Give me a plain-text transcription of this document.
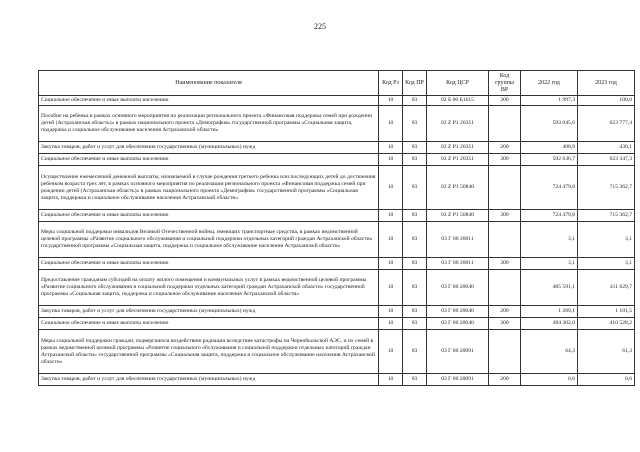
225
Наименование показателя	Код Рз	Код ПР	Код ЦСР	Код группы ВР	2022 год	2023 год
Социальное обеспечение и иные выплаты населению	10	03	02 Б 00 Б1615	300	1 997,3	100,0
Пособие на ребенка в рамках основного мероприятия по реализации регионального проекта «Финансовая поддержка семей при рождении детей (Астраханская область)» в рамках национального проекта «Демография» государственной программы «Социальная защита, поддержка и социальное обслуживание населения Астраханской области»	10	03	03 Z Р1 20351		593 045,6	623 777,4
Закупка товаров, работ и услуг для обеспечения государственных (муниципальных) нужд	10	03	03 Z Р1 20351	200	408,9	430,1
Социальное обеспечение и иные выплаты населению	10	03	03 Z Р1 20351	300	592 636,7	623 347,3
Осуществление ежемесячной денежной выплаты, назначаемой в случае рождения третьего ребенка или последующих детей до достижения ребенком возраста трех лет, в рамках основного мероприятия по реализации регионального проекта «Финансовая поддержка семей при рождении детей (Астраханская область)» в рамках национального проекта «Демография» государственной программы «Социальная защита, поддержка и социальное обслуживание населения Астраханской области»	10	03	03 Z Р1 50840		724 479,8	715 362,7
Социальное обеспечение и иные выплаты населению	10	03	03 Z Р1 50840	300	724 479,8	715 362,7
Меры социальной поддержки инвалидов Великой Отечественной войны, имеющих транспортные средства, в рамках ведомственной целевой программы «Развитие социального обслуживания и социальной поддержки отдельных категорий граждан Астраханской области» государственной программы «Социальная защита, поддержка и социальное обслуживание населения Астраханской области»	10	03	03 Г 00 20011		3,1	3,1
Социальное обеспечение и иные выплаты населению	10	03	03 Г 00 20011	300	3,1	3,1
Предоставление гражданам субсидий на оплату жилого помещения и коммунальных услуг в рамках ведомственной целевой программы «Развитие социального обслуживания и социальной поддержки отдельных категорий граждан Астраханской области» государственной программы «Социальная защита, поддержка и социальное обслуживание населения Астраханской области»	10	03	03 Г 00 20040		485 591,1	411 629,7
Закупка товаров, работ и услуг для обеспечения государственных (муниципальных) нужд	10	03	03 Г 00 20040	200	1 289,1	1 101,5
Социальное обеспечение и иные выплаты населению	10	03	03 Г 00 20040	300	484 302,0	410 528,2
Меры социальной поддержки граждан, подвергшихся воздействию радиации вследствие катастрофы на Чернобыльской АЭС, и их семей в рамках ведомственной целевой программы «Развитие социального обслуживания и социальной поддержки отдельных категорий граждан Астраханской области» государственной программы «Социальная защита, поддержка и социальное обслуживание населения Астраханской области»	10	03	03 Г 00 20091		64,3	61,3
Закупка товаров, работ и услуг для обеспечения государственных (муниципальных) нужд	10	03	03 Г 00 20091	200	0,6	0,6
